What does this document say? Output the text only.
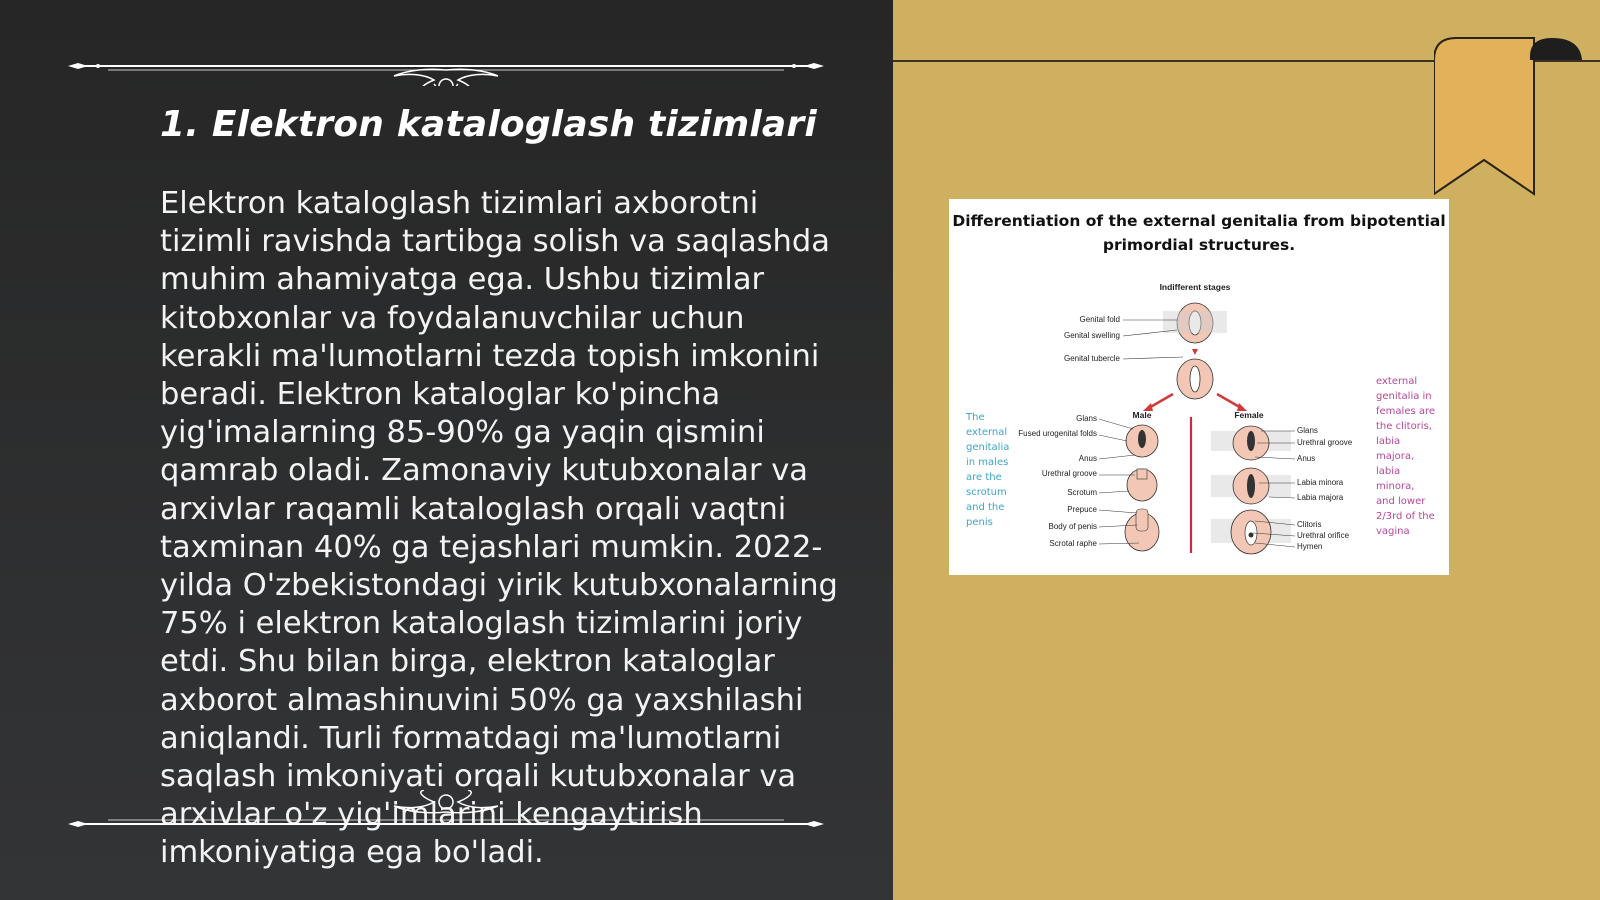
1. Elektron kataloglash tizimlari

Elektron kataloglash tizimlari axborotni tizimli ravishda tartibga solish va saqlashda muhim ahamiyatga ega. Ushbu tizimlar kitobxonlar va foydalanuvchilar uchun kerakli ma'lumotlarni tezda topish imkonini beradi. Elektron kataloglar ko'pincha yig'imalarning 85-90% ga yaqin qismini qamrab oladi. Zamonaviy kutubxonalar va arxivlar raqamli kataloglash orqali vaqtni taxminan 40% ga tejashlari mumkin. 2022-yilda O'zbekistondagi yirik kutubxonalarning 75% i elektron kataloglash tizimlarini joriy etdi. Shu bilan birga, elektron kataloglar axborot almashinuvini 50% ga yaxshilashi aniqlandi. Turli formatdagi ma'lumotlarni saqlash imkoniyati orqali kutubxonalar va arxivlar o'z yig'imlarini kengaytirish imkoniyatiga ega bo'ladi.

Differentiation of the external genitalia from bipotential primordial structures.
Indifferent stages
Genital fold
Genital swelling
Genital tubercle
Male
Glans
Fused urogenital folds
Anus
Urethral groove
Scrotum
Prepuce
Body of penis
Scrotal raphe
Female
Glans
Urethral groove
Anus
Labia minora
Labia majora
Clitoris
Urethral orifice
Hymen
The external genitalia in males are the scrotum and the penis
external genitalia in females are the clitoris, labia majora, labia minora, and lower 2/3rd of the vagina
